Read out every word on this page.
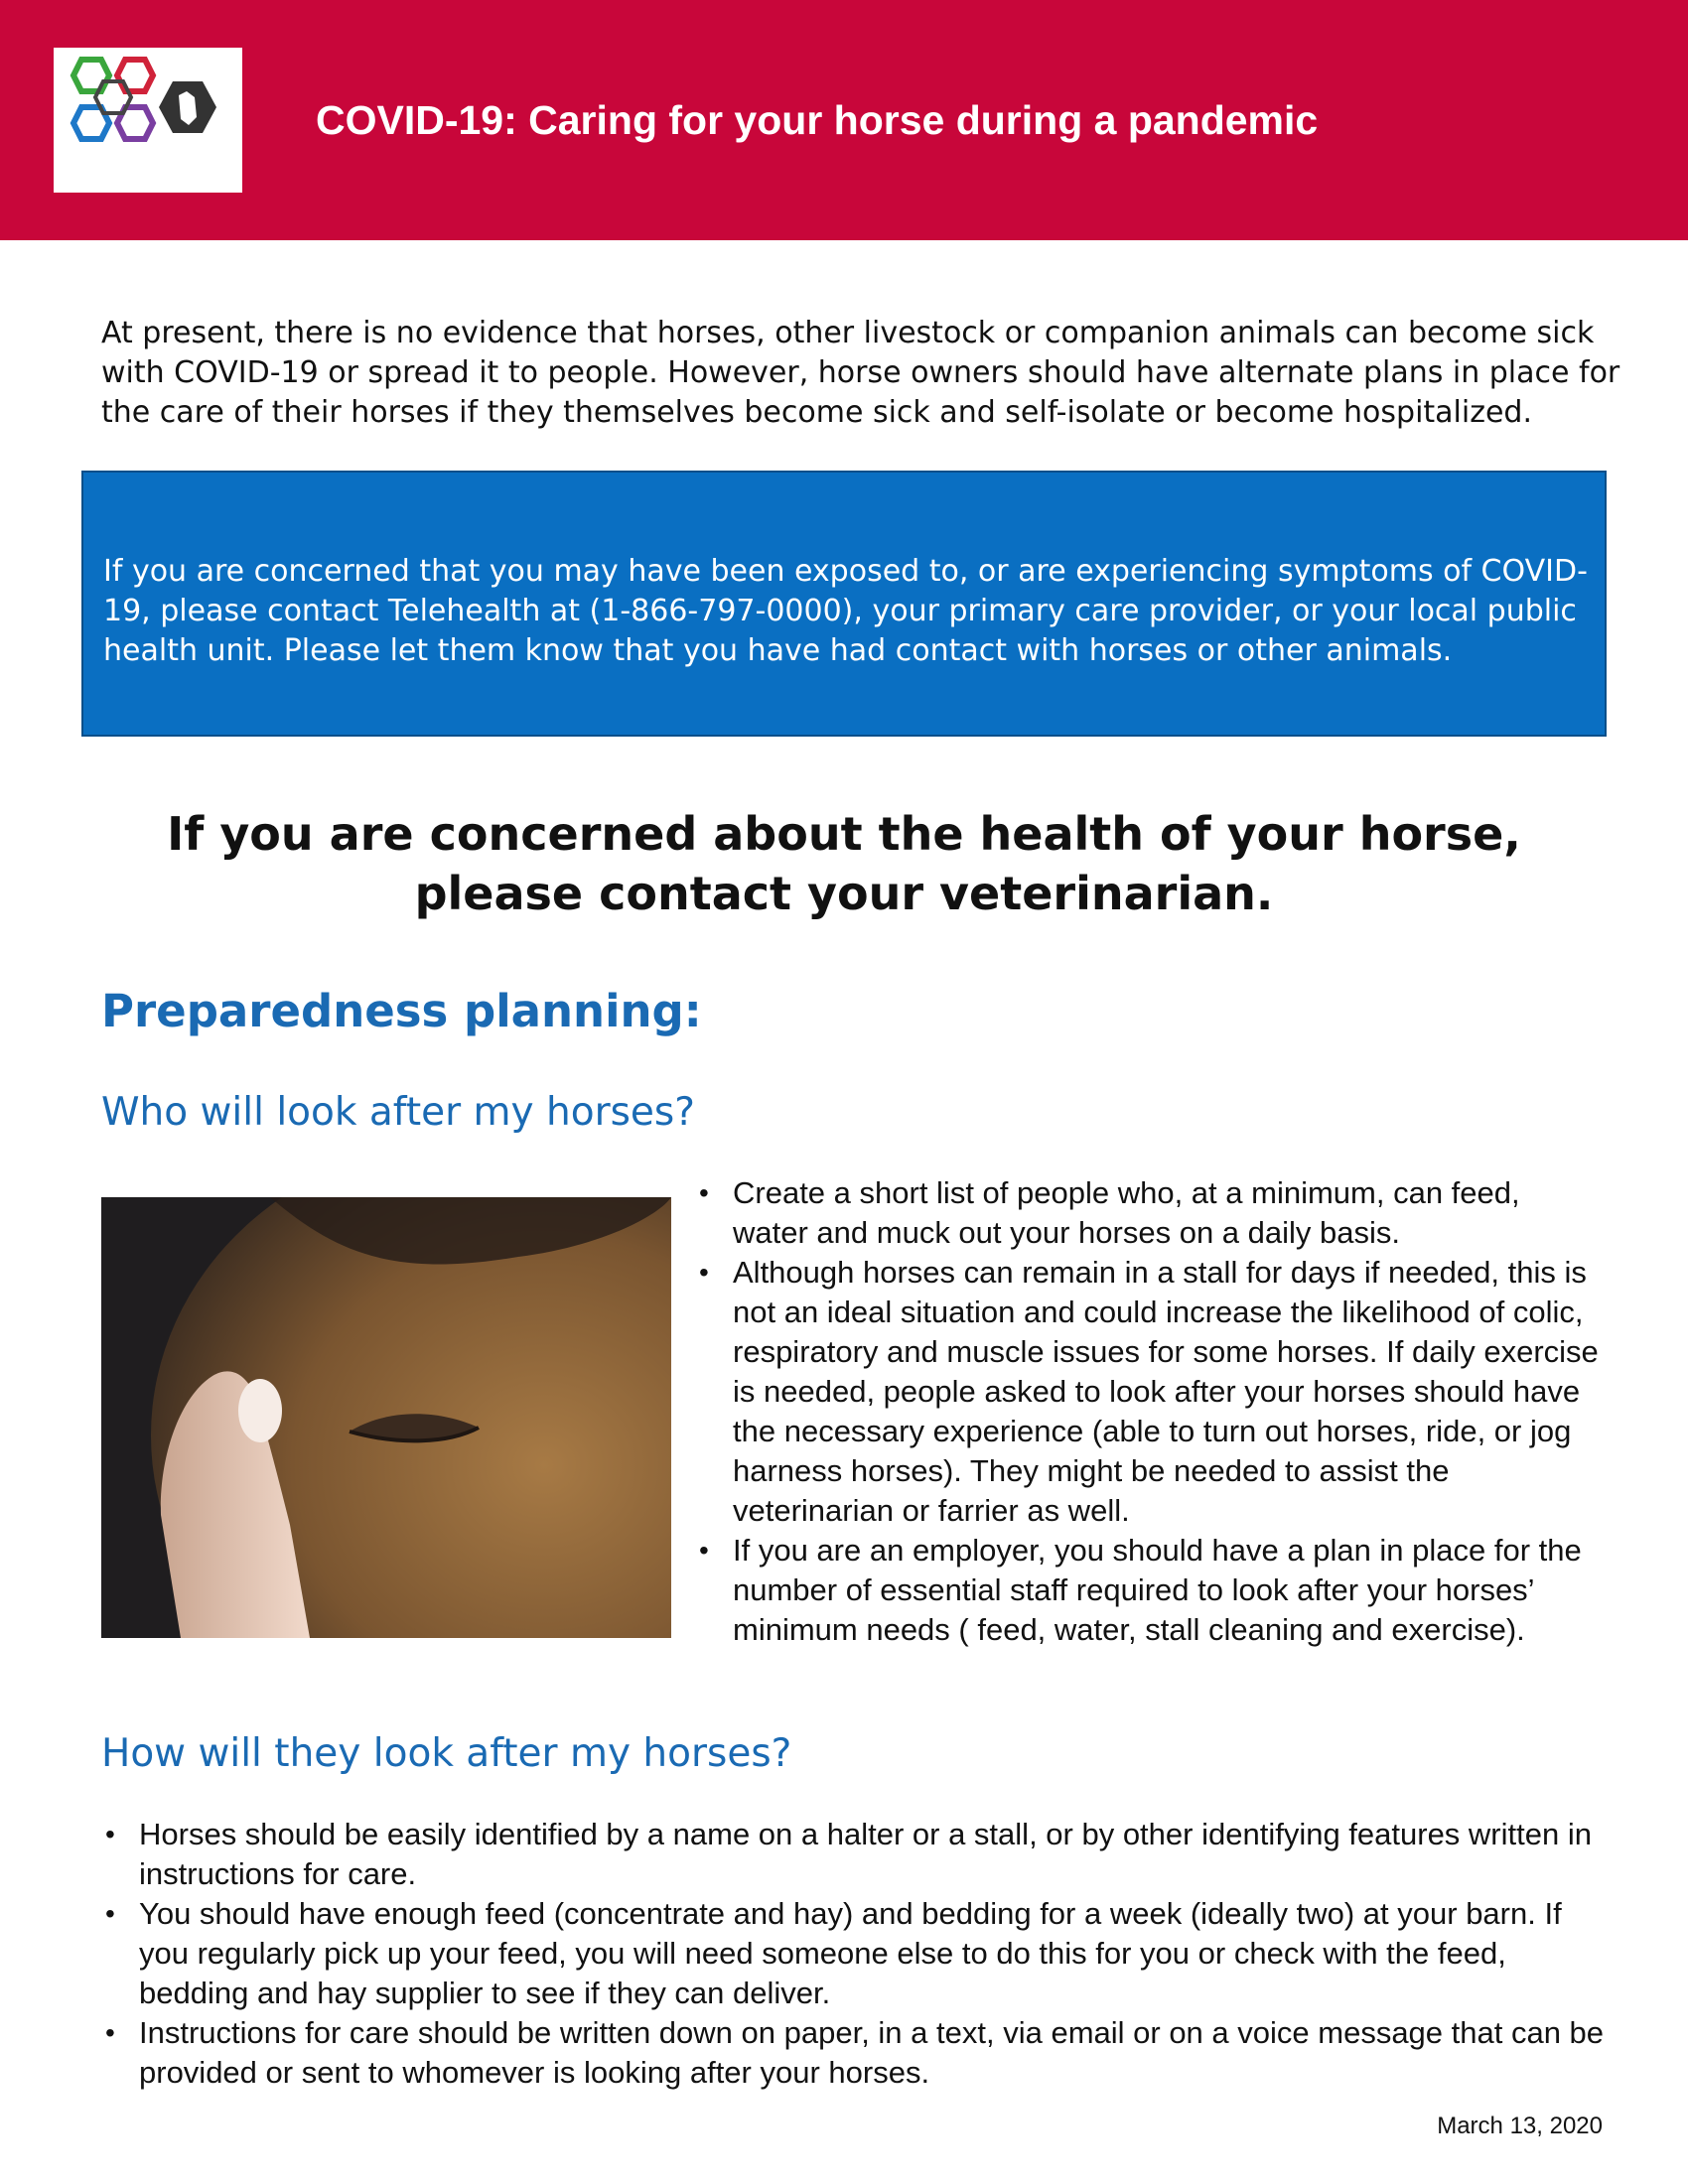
COVID-19: Caring for your horse during a pandemic

At present, there is no evidence that horses, other livestock or companion animals can become sick with COVID-19 or spread it to people. However, horse owners should have alternate plans in place for the care of their horses if they themselves become sick and self-isolate or become hospitalized.

If you are concerned that you may have been exposed to, or are experiencing symptoms of COVID-19, please contact Telehealth at (1-866-797-0000), your primary care provider, or your local public health unit. Please let them know that you have had contact with horses or other animals.

If you are concerned about the health of your horse, please contact your veterinarian.

Preparedness planning:
Who will look after my horses?
• Create a short list of people who, at a minimum, can feed, water and muck out your horses on a daily basis.
• Although horses can remain in a stall for days if needed, this is not an ideal situation and could increase the likelihood of colic, respiratory and muscle issues for some horses. If daily exercise is needed, people asked to look after your horses should have the necessary experience (able to turn out horses, ride, or jog harness horses). They might be needed to assist the veterinarian or farrier as well.
• If you are an employer, you should have a plan in place for the number of essential staff required to look after your horses’ minimum needs ( feed, water, stall cleaning and exercise).
How will they look after my horses?
• Horses should be easily identified by a name on a halter or a stall, or by other identifying features written in instructions for care.
• You should have enough feed (concentrate and hay) and bedding for a week (ideally two) at your barn. If you regularly pick up your feed, you will need someone else to do this for you or check with the feed, bedding and hay supplier to see if they can deliver.
• Instructions for care should be written down on paper, in a text, via email or on a voice message that can be provided or sent to whomever is looking after your horses.

March 13, 2020
